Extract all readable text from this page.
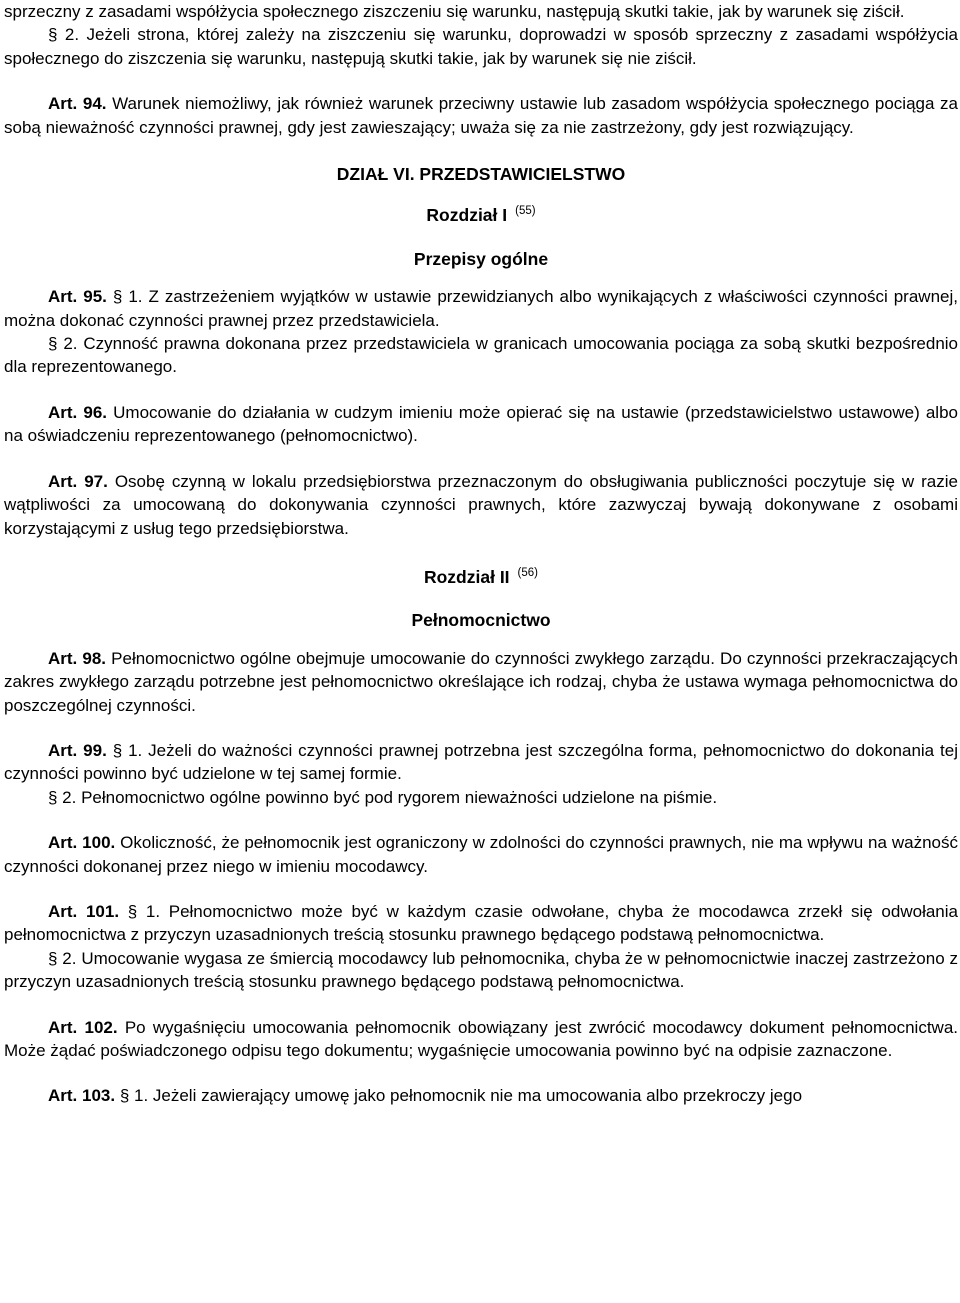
sprzeczny z zasadami współżycia społecznego ziszczeniu się warunku, następują skutki takie, jak by warunek się ziścił.

§ 2. Jeżeli strona, której zależy na ziszczeniu się warunku, doprowadzi w sposób sprzeczny z zasadami współżycia społecznego do ziszczenia się warunku, następują skutki takie, jak by warunek się nie ziścił.

Art. 94. Warunek niemożliwy, jak również warunek przeciwny ustawie lub zasadom współżycia społecznego pociąga za sobą nieważność czynności prawnej, gdy jest zawieszający; uważa się za nie zastrzeżony, gdy jest rozwiązujący.

DZIAŁ VI. PRZEDSTAWICIELSTWO
Rozdział I $^{(55)}$
Przepisy ogólne

Art. 95. § 1. Z zastrzeżeniem wyjątków w ustawie przewidzianych albo wynikających z właściwości czynności prawnej, można dokonać czynności prawnej przez przedstawiciela.

§ 2. Czynność prawna dokonana przez przedstawiciela w granicach umocowania pociąga za sobą skutki bezpośrednio dla reprezentowanego.

Art. 96. Umocowanie do działania w cudzym imieniu może opierać się na ustawie (przedstawicielstwo ustawowe) albo na oświadczeniu reprezentowanego (pełnomocnictwo).

Art. 97. Osobę czynną w lokalu przedsiębiorstwa przeznaczonym do obsługiwania publiczności poczytuje się w razie wątpliwości za umocowaną do dokonywania czynności prawnych, które zazwyczaj bywają dokonywane z osobami korzystającymi z usług tego przedsiębiorstwa.

Rozdział II $^{(56)}$
Pełnomocnictwo

Art. 98. Pełnomocnictwo ogólne obejmuje umocowanie do czynności zwykłego zarządu. Do czynności przekraczających zakres zwykłego zarządu potrzebne jest pełnomocnictwo określające ich rodzaj, chyba że ustawa wymaga pełnomocnictwa do poszczególnej czynności.

Art. 99. § 1. Jeżeli do ważności czynności prawnej potrzebna jest szczególna forma, pełnomocnictwo do dokonania tej czynności powinno być udzielone w tej samej formie.

§ 2. Pełnomocnictwo ogólne powinno być pod rygorem nieważności udzielone na piśmie.

Art. 100. Okoliczność, że pełnomocnik jest ograniczony w zdolności do czynności prawnych, nie ma wpływu na ważność czynności dokonanej przez niego w imieniu mocodawcy.

Art. 101. § 1. Pełnomocnictwo może być w każdym czasie odwołane, chyba że mocodawca zrzekł się odwołania pełnomocnictwa z przyczyn uzasadnionych treścią stosunku prawnego będącego podstawą pełnomocnictwa.

§ 2. Umocowanie wygasa ze śmiercią mocodawcy lub pełnomocnika, chyba że w pełnomocnictwie inaczej zastrzeżono z przyczyn uzasadnionych treścią stosunku prawnego będącego podstawą pełnomocnictwa.

Art. 102. Po wygaśnięciu umocowania pełnomocnik obowiązany jest zwrócić mocodawcy dokument pełnomocnictwa. Może żądać poświadczonego odpisu tego dokumentu; wygaśnięcie umocowania powinno być na odpisie zaznaczone.

Art. 103. § 1. Jeżeli zawierający umowę jako pełnomocnik nie ma umocowania albo przekroczy jego
